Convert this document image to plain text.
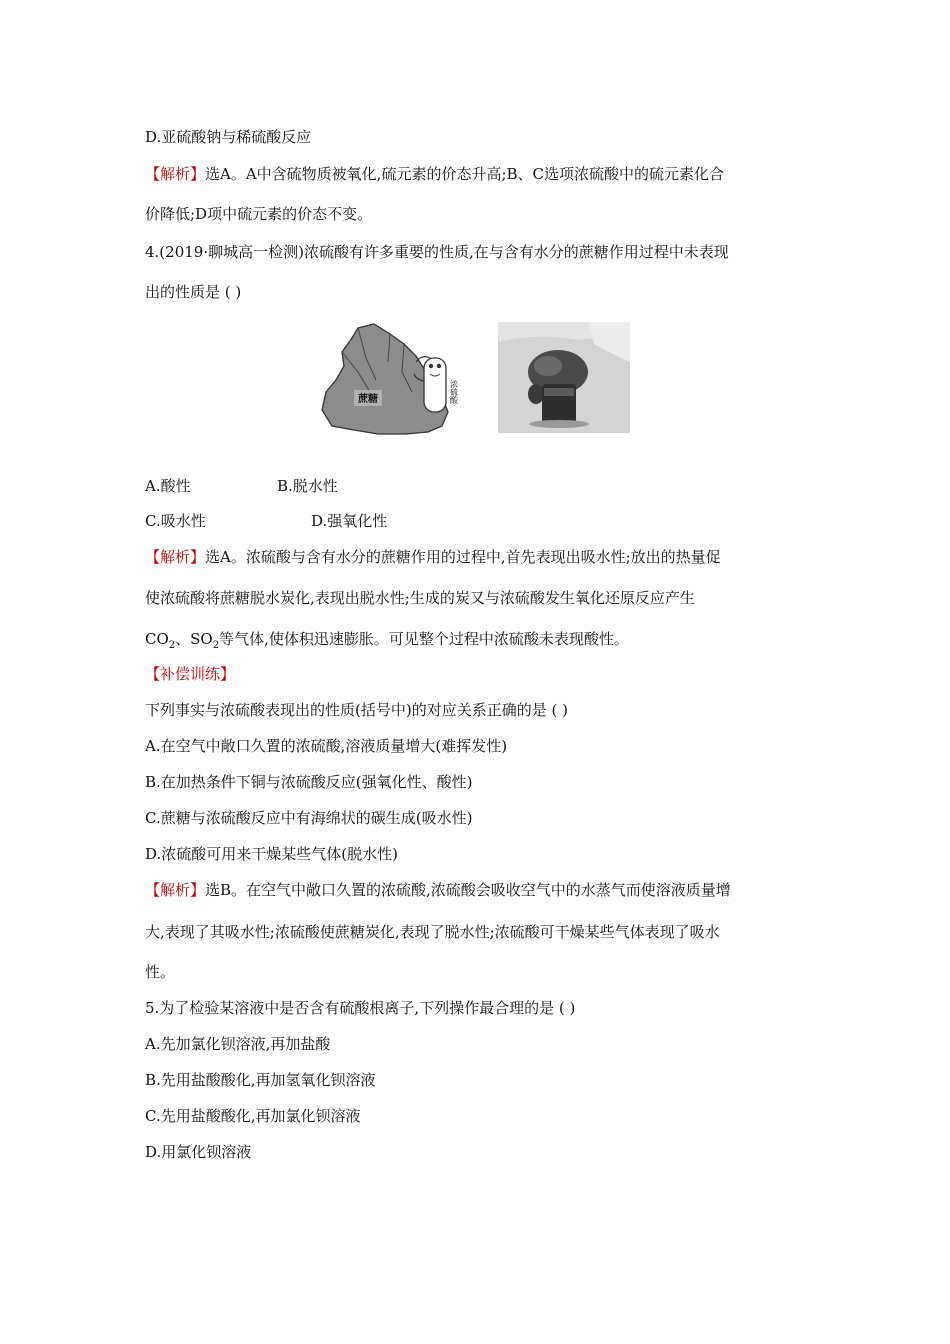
D.亚硫酸钠与稀硫酸反应
【解析】选A。A中含硫物质被氧化,硫元素的价态升高;B、C选项浓硫酸中的硫元素化合
价降低;D项中硫元素的价态不变。
4.(2019·聊城高一检测)浓硫酸有许多重要的性质,在与含有水分的蔗糖作用过程中未表现
出的性质是 ( )
蔗糖	浓硫酸
A.酸性	B.脱水性
C.吸水性	D.强氧化性
【解析】选A。浓硫酸与含有水分的蔗糖作用的过程中,首先表现出吸水性;放出的热量促
使浓硫酸将蔗糖脱水炭化,表现出脱水性;生成的炭又与浓硫酸发生氧化还原反应产生
$CO_2$、$SO_2$等气体,使体积迅速膨胀。可见整个过程中浓硫酸未表现酸性。
【补偿训练】
下列事实与浓硫酸表现出的性质(括号中)的对应关系正确的是 ( )
A.在空气中敞口久置的浓硫酸,溶液质量增大(难挥发性)
B.在加热条件下铜与浓硫酸反应(强氧化性、酸性)
C.蔗糖与浓硫酸反应中有海绵状的碳生成(吸水性)
D.浓硫酸可用来干燥某些气体(脱水性)
【解析】选B。在空气中敞口久置的浓硫酸,浓硫酸会吸收空气中的水蒸气而使溶液质量增
大,表现了其吸水性;浓硫酸使蔗糖炭化,表现了脱水性;浓硫酸可干燥某些气体表现了吸水
性。
5.为了检验某溶液中是否含有硫酸根离子,下列操作最合理的是 ( )
A.先加氯化钡溶液,再加盐酸
B.先用盐酸酸化,再加氢氧化钡溶液
C.先用盐酸酸化,再加氯化钡溶液
D.用氯化钡溶液
